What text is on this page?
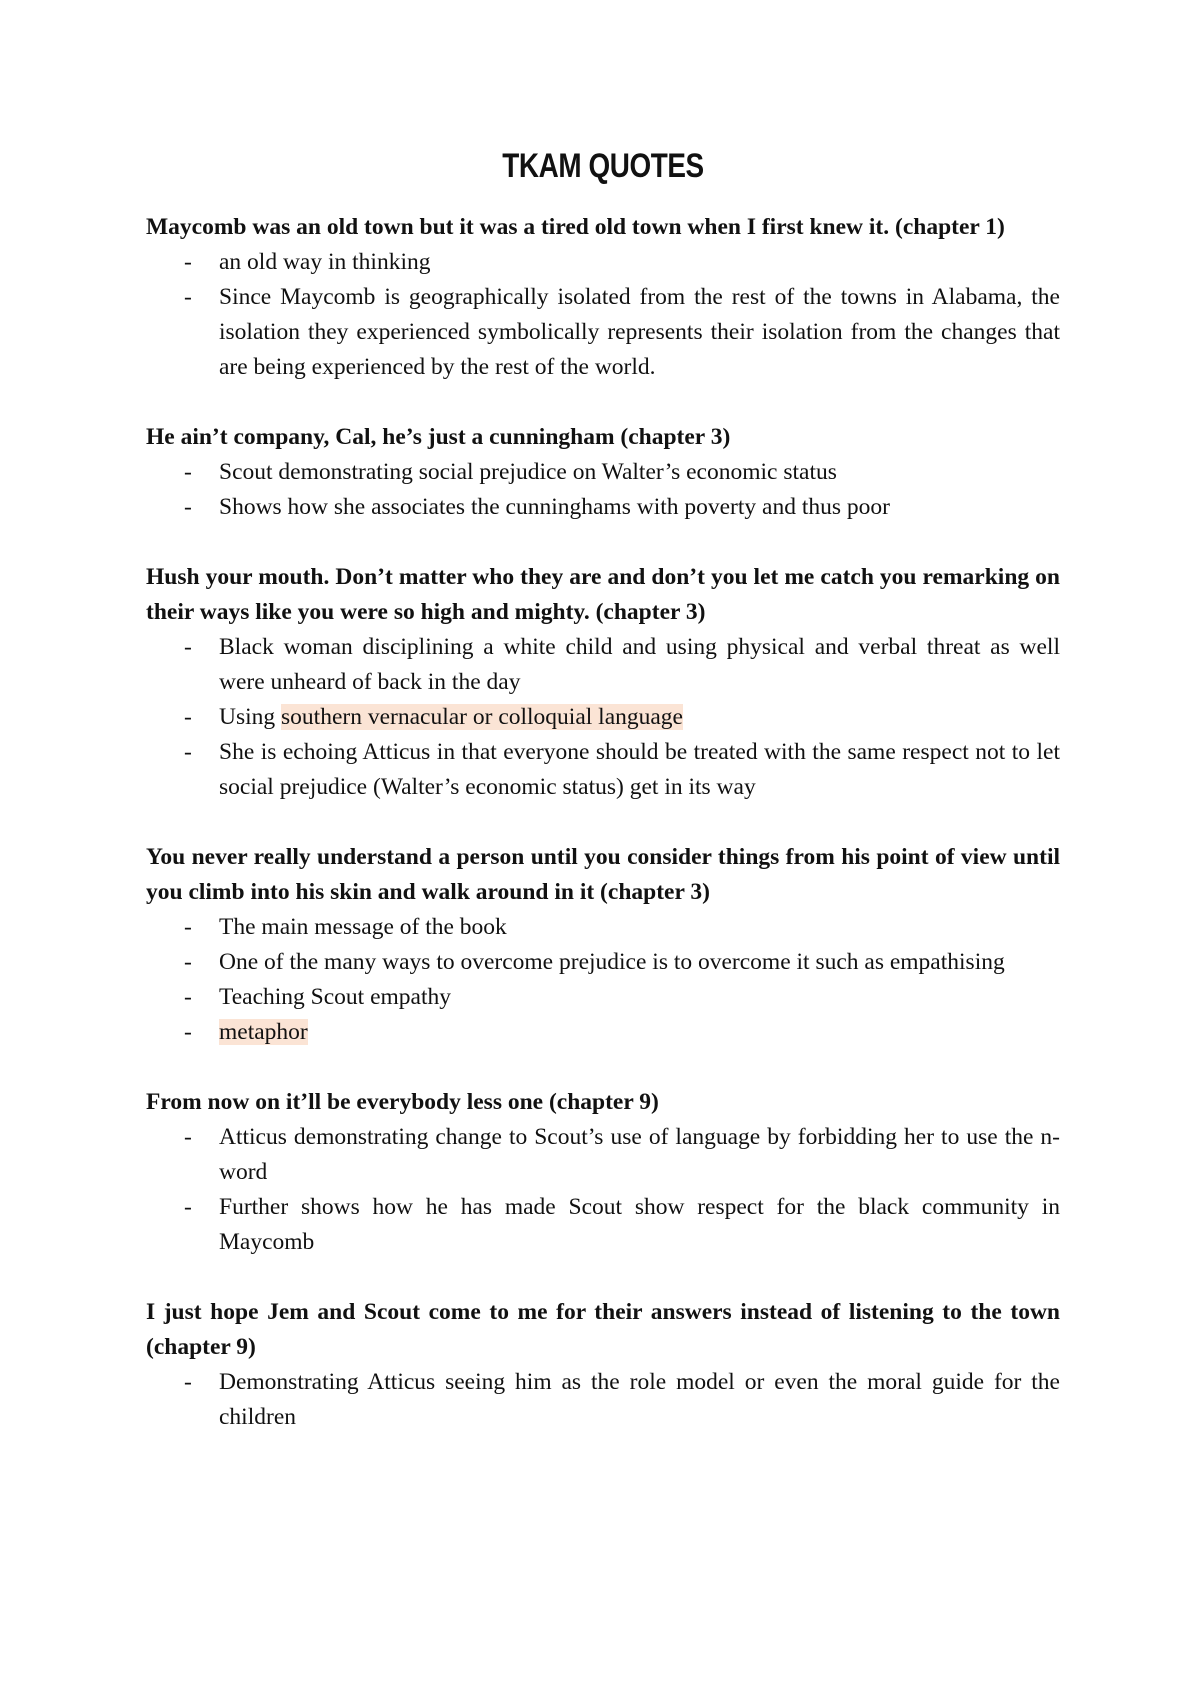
TKAM QUOTES

Maycomb was an old town but it was a tired old town when I first knew it. (chapter 1)

- an old way in thinking
- Since Maycomb is geographically isolated from the rest of the towns in Alabama, the isolation they experienced symbolically represents their isolation from the changes that are being experienced by the rest of the world.

He ain’t company, Cal, he’s just a cunningham (chapter 3)

- Scout demonstrating social prejudice on Walter’s economic status
- Shows how she associates the cunninghams with poverty and thus poor

Hush your mouth. Don’t matter who they are and don’t you let me catch you remarking on their ways like you were so high and mighty. (chapter 3)

- Black woman disciplining a white child and using physical and verbal threat as well were unheard of back in the day
- Using southern vernacular or colloquial language
- She is echoing Atticus in that everyone should be treated with the same respect not to let social prejudice (Walter’s economic status) get in its way

You never really understand a person until you consider things from his point of view until you climb into his skin and walk around in it (chapter 3)

- The main message of the book
- One of the many ways to overcome prejudice is to overcome it such as empathising
- Teaching Scout empathy
- metaphor

From now on it’ll be everybody less one (chapter 9)

- Atticus demonstrating change to Scout’s use of language by forbidding her to use the n-word
- Further shows how he has made Scout show respect for the black community in Maycomb

I just hope Jem and Scout come to me for their answers instead of listening to the town (chapter 9)

- Demonstrating Atticus seeing him as the role model or even the moral guide for the children
